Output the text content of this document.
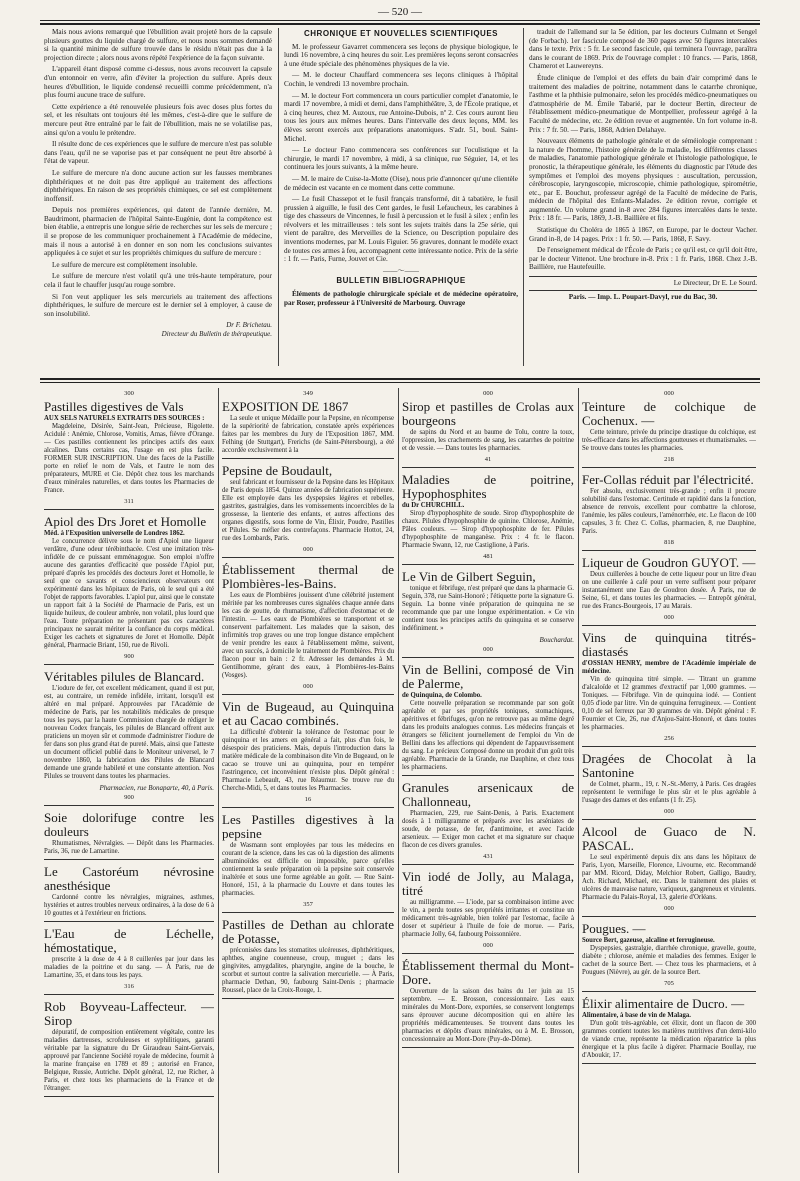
— 520 —

Mais nous avions remarqué que l'ébullition avait projeté hors de la capsule plusieurs gouttes du liquide chargé de sulfure, et nous nous sommes demandé si la quantité minime de sulfure trouvée dans le résidu n'était pas due à la projection directe ; alors nous avons répété l'expérience de la façon suivante.

L'appareil étant disposé comme ci-dessus, nous avons recouvert la capsule d'un entonnoir en verre, afin d'éviter la projection du sulfure. Après deux heures d'ébullition, le liquide condensé recueilli comme précédemment, n'a plus fourni aucune trace de sulfure.

Cette expérience a été renouvelée plusieurs fois avec doses plus fortes du sel, et les résultats ont toujours été les mêmes, c'est-à-dire que le sulfure de mercure peut être entraîné par le fait de l'ébullition, mais ne se volatilise pas, ainsi qu'on a voulu le prétendre.

Il résulte donc de ces expériences que le sulfure de mercure n'est pas soluble dans l'eau, qu'il ne se vaporise pas et par conséquent ne peut être absorbé à l'état de vapeur.

Le sulfure de mercure n'a donc aucune action sur les fausses membranes diphthériques et ne doit pas être appliqué au traitement des affections diphthériques. En raison de ses propriétés chimiques, ce sel est complètement inoffensif.

Depuis nos premières expériences, qui datent de l'année dernière, M. Baudrimont, pharmacien de l'hôpital Sainte-Eugénie, dont la compétence est bien établie, a entrepris une longue série de recherches sur les sels de mercure ; il se propose de les communiquer prochainement à l'Académie de médecine, mais il nous a autorisé à en donner en son nom les conclusions suivantes appliquées à ce sujet et sur les propriétés chimiques du sulfure de mercure :

Le sulfure de mercure est complètement insoluble.

Le sulfure de mercure n'est volatil qu'à une très-haute température, pour cela il faut le chauffer jusqu'au rouge sombre.

Si l'on veut appliquer les sels mercuriels au traitement des affections diphthériques, le sulfure de mercure est le dernier sel à employer, à cause de son insolubilité.

Dr F. Brichetau.
Directeur du Bulletin de thérapeutique.
CHRONIQUE ET NOUVELLES SCIENTIFIQUES

M. le professeur Gavarret commencera ses leçons de physique biologique, le lundi 16 novembre, à cinq heures du soir. Les premières leçons seront consacrées à une étude spéciale des phénomènes physiques de la vie.

— M. le docteur Chauffard commencera ses leçons cliniques à l'hôpital Cochin, le vendredi 13 novembre prochain.

— M. le docteur Fort commencera un cours particulier complet d'anatomie, le mardi 17 novembre, à midi et demi, dans l'amphithéâtre, 3, de l'École pratique, et à cinq heures, chez M. Auzoux, rue Antoine-Dubois, nº 2. Ces cours auront lieu tous les jours aux mêmes heures. Dans l'intervalle des deux leçons, MM. les élèves seront exercés aux préparations anatomiques. S'adr. 51, boul. Saint-Michel.

— Le docteur Fano commencera ses conférences sur l'oculistique et la chirurgie, le mardi 17 novembre, à midi, à sa clinique, rue Séguier, 14, et les continuera les jours suivants, à la même heure.

— M. le maire de Cuise-la-Motte (Oise), nous prie d'annoncer qu'une clientèle de médecin est vacante en ce moment dans cette commune.

— Le fusil Chassepot et le fusil français transformé, dit à tabatière, le fusil prussien à aiguille, le fusil des Cent gardes, le fusil Lefaucheux, les carabines à tige des chasseurs de Vincennes, le fusil à percussion et le fusil à silex ; enfin les révolvers et les mitrailleuses : tels sont les sujets traités dans la 25e série, qui vient de paraître, des Merveilles de la Science, ou Description populaire des inventions modernes, par M. Louis Figuier. 56 gravures, donnant le modèle exact de toutes ces armes à feu, accompagnent cette intéressante notice. Prix de la série : 1 fr. — Paris, Furne, Jouvet et Cie.

——〜——
BULLETIN BIBLIOGRAPHIQUE

Éléments de pathologie chirurgicale spéciale et de médecine opératoire, par Roser, professeur à l'Université de Marbourg. Ouvrage

traduit de l'allemand sur la 5e édition, par les docteurs Culmann et Sengel (de Forbach). 1er fascicule composé de 360 pages avec 50 figures intercalées dans le texte. Prix : 5 fr. Le second fascicule, qui terminera l'ouvrage, paraîtra dans le courant de 1869. Prix de l'ouvrage complet : 10 francs. — Paris, 1868, Chamerot et Lauwereyns.

Étude clinique de l'emploi et des effets du bain d'air comprimé dans le traitement des maladies de poitrine, notamment dans le catarrhe chronique, l'asthme et la phthisie pulmonaire, selon les procédés médico-pneumatiques ou d'atmosphérie de M. Émile Tabarié, par le docteur Bertin, directeur de l'établissement médico-pneumatique de Montpellier, professeur agrégé à la Faculté de médecine, etc. 2e édition revue et augmentée. Un fort volume in-8. Prix : 7 fr. 50. — Paris, 1868, Adrien Delahaye.

Nouveaux éléments de pathologie générale et de séméiologie comprenant : la nature de l'homme, l'histoire générale de la maladie, les différentes classes de maladies, l'anatomie pathologique générale et l'histologie pathologique, le pronostic, la thérapeutique générale, les éléments du diagnostic par l'étude des symptômes et l'emploi des moyens physiques : auscultation, percussion, cérébroscopie, laryngoscopie, microscopie, chimie pathologique, spirométrie, etc., par E. Bouchut, professeur agrégé de la Faculté de médecine de Paris, médecin de l'hôpital des Enfants-Malades. 2e édition revue, corrigée et augmentée. Un volume grand in-8 avec 284 figures intercalées dans le texte. Prix : 18 fr. — Paris, 1869, J.-B. Baillière et fils.

Statistique du Choléra de 1865 à 1867, en Europe, par le docteur Vacher. Grand in-8, de 14 pages. Prix : 1 fr. 50. — Paris, 1868, F. Savy.

De l'enseignement médical de l'École de Paris ; ce qu'il est, ce qu'il doit être, par le docteur Vittenot. Une brochure in-8. Prix : 1 fr. Paris, 1868. Chez J.-B. Baillière, rue Hautefeuille.

Le Directeur, Dr E. Le Sourd.
Paris. — Imp. L. Poupart-Davyl, rue du Bac, 30.
300
Pastilles digestives de Vals
AUX SELS NATURELS EXTRAITS DES SOURCES :

Magdeleine, Désirée, Saint-Jean, Précieuse, Rigolette. Acidulé : Anémie, Chlorose, Vomitis, Amas, fièvre d'Orange. — Ces pastilles contiennent les principes actifs des eaux alcalines. Dans certains cas, l'usage en est plus facile. FORMER SUR INSCRIPTION. Une des faces de la Pastille porte en relief le nom de Vals, et l'autre le nom des préparateurs, MURE et Cie. Dépôt chez tous les marchands d'eaux minérales naturelles, et dans toutes les Pharmacies de France.

311
Apiol des Drs Joret et Homolle
Méd. à l'Exposition universelle de Londres 1862.

Le concurrence délivre sous le nom d'Apiol une liqueur verdâtre, d'une odeur térébinthacée. C'est une imitation très-infidèle de ce puissant emménagogue. Son emploi n'offre aucune des garanties d'efficacité que possède l'Apiol pur, préparé d'après les procédés des docteurs Joret et Homolle, le seul que ce savants et consciencieux observateurs ont expérimenté dans les hôpitaux de Paris, où le seul qui a été l'objet de rapports favorables. L'apiol pur, ainsi que le constate un rapport fait à la Société de Pharmacie de Paris, est un liquide huileux, de couleur ambrée, non volatil, plus lourd que l'eau. Toute préparation ne présentant pas ces caractères principaux ne saurait mériter la confiance du corps médical. Exiger les cachets et signatures de Joret et Homolle. Dépôt général, Pharmacie Briant, 150, rue de Rivoli.

900
Véritables pilules de Blancard.

L'iodure de fer, cet excellent médicament, quand il est pur, est, au contraire, un remède infidèle, irritant, lorsqu'il est altéré en mal préparé. Approuvées par l'Académie de médecine de Paris, par les notabilités médicales de presque tous les pays, par la haute Commission chargée de rédiger le nouveau Codex français, les pilules de Blancard offrent aux praticiens un moyen sûr et commode d'administrer l'iodure de fer dans son plus grand état de pureté. Mais, ainsi que l'atteste un document officiel publié dans le Moniteur universel, le 7 novembre 1860, la fabrication des Pilules de Blancard demande une grande habileté et une constante attention. Nos Pilules se trouvent dans toutes les pharmacies.

Pharmacien, rue Bonaparte, 40, à Paris.
900
Soie dolorifuge contre les douleurs

Rhumatismes, Névralgies. — Dépôt dans les Pharmacies. Paris, 36, rue de Lamartine.

Le Castoréum névrosine anesthésique

Cardonné contre les névralgies, migraines, asthmes, hystéries et autres troubles nerveux ordinaires, à la dose de 6 à 10 gouttes et à l'extérieur en frictions.

L'Eau de Léchelle, hémostatique,

prescrite à la dose de 4 à 8 cuillerées par jour dans les maladies de la poitrine et du sang. — À Paris, rue de Lamartine, 35, et dans tous les pays.

316
Rob Boyveau-Laffecteur. — Sirop

dépuratif, de composition entièrement végétale, contre les maladies dartreuses, scrofuleuses et syphilitiques, garanti véritable par la signature du Dr Giraudeau Saint-Gervais, approuvé par l'ancienne Société royale de médecine, fournit à la marine française en 1789 et 89 ; autorisé en France, Belgique, Russie, Autriche. Dépôt général, 12, rue Richer, à Paris, et chez tous les pharmaciens de la France et de l'étranger.

349
EXPOSITION DE 1867

La seule et unique Médaille pour la Pepsine, en récompense de la supériorité de fabrication, constatée après expériences faites par les membres du Jury de l'Exposition 1867, MM. Felhing (de Stuttgart), Frerichs (de Saint-Pétersbourg), a été accordée exclusivement à la

Pepsine de Boudault,

seul fabricant et fournisseur de la Pepsine dans les Hôpitaux de Paris depuis 1854. Quinze années de fabrication supérieure. Elle est employée dans les dyspepsies légères et rebelles, gastrites, gastralgies, dans les vomissements incoercibles de la grossesse, la lienterie des enfants, et autres affections des organes digestifs, sous forme de Vin, Élixir, Poudre, Pastilles et Pilules. Se méfier des contrefaçons. Pharmacie Hottot, 24, rue des Lombards, Paris.

000
Établissement thermal de Plombières-les-Bains.

Les eaux de Plombières jouissent d'une célébrité justement méritée par les nombreuses cures signalées chaque année dans les cas de goutte, de rhumatisme, d'affection d'estomac et de l'intestin. — Les eaux de Plombières se transportent et se conservent parfaitement. Les malades que la saison, des infirmités trop graves ou une trop longue distance empêchent de venir prendre les eaux à l'établissement même, suivent, avec un succès, à domicile le traitement de Plombières. Prix du flacon pour un bain : 2 fr. Adresser les demandes à M. Gentilhomme, gérant des eaux, à Plombières-les-Bains (Vosges).

000
Vin de Bugeaud, au Quinquina et au Cacao combinés.

La difficulté d'obtenir la tolérance de l'estomac pour le quinquina et les amers en général a fait, plus d'un fois, le désespoir des praticiens. Mais, depuis l'introduction dans la matière médicale de la combinaison dite Vin de Bugeaud, on le cacao se trouve uni au quinquina, pour en tempérer l'astringence, cet inconvénient n'existe plus. Dépôt général : Pharmacie Lebeault, 43, rue Réaumur. Se trouve rue du Cherche-Midi, 5, et dans toutes les Pharmacies.

16
Les Pastilles digestives à la pepsine

de Wasmann sont employées par tous les médecins en courant de la science, dans les cas où la digestion des aliments albuminoïdes est difficile ou impossible, parce qu'elles contiennent la seule préparation où la pepsine soit conservée inaltérée et sous une forme agréable au goût. — Rue Saint-Honoré, 151, à la pharmacie du Louvre et dans toutes les pharmacies.

357
Pastilles de Dethan au chlorate de Potasse,

préconisées dans les stomatites ulcéreuses, diphthéritiques, aphthes, angine couenneuse, croup, muguet ; dans les gingivites, amygdalites, pharyngite, angine de la bouche, le scorbut et surtout contre la salivation mercurielle. — À Paris, pharmacie Dethan, 90, faubourg Saint-Denis ; pharmacie Roussel, place de la Croix-Rouge, 1.

000
Sirop et pastilles de Crolas aux bourgeons

de sapins du Nord et au baume de Tolu, contre la toux, l'oppression, les crachements de sang, les catarrhes de poitrine et de vessie. — Dans toutes les pharmacies.

41
Maladies de poitrine, Hypophosphites
du Dr CHURCHILL.

Sirop d'hypophosphite de soude. Sirop d'hypophosphite de chaux. Pilules d'hypophosphite de quinine. Chlorose, Anémie, Pâles couleurs. — Sirop d'hypophosphite de fer. Pilules d'hypophosphite de manganèse. Prix : 4 fr. le flacon. Pharmacie Swann, 12, rue Castiglione, à Paris.

481
Le Vin de Gilbert Seguin,

tonique et fébrifuge, n'est préparé que dans la pharmacie G. Seguin, 378, rue Saint-Honoré ; l'étiquette porte la signature G. Seguin. La bonne vinée préparation de quinquina ne se recommande que par une longue expérimentation. « Ce vin contient tous les principes actifs du quinquina et se conserve indéfiniment. »

Bouchardat.
000
Vin de Bellini, composé de Vin de Palerme,
de Quinquina, de Colombo.

Cette nouvelle préparation se recommande par son goût agréable et par ses propriétés toniques, stomachiques, apéritives et fébrifuges, qu'on ne retrouve pas au même degré dans les produits analogues connus. Les médecins français et étrangers se félicitent journellement de l'emploi du Vin de Bellini dans les affections qui dépendent de l'appauvrissement du sang. Le précieux Composé donne un produit d'un goût très agréable. Pharmacie de la Grande, rue Dauphine, et chez tous les pharmaciens.

Granules arsenicaux de Challonneau,

Pharmacien, 229, rue Saint-Denis, à Paris. Exactement dosés à 1 milligramme et préparés avec les arséniates de soude, de potasse, de fer, d'antimoine, et avec l'acide arsenieux. — Exiger mon cachet et ma signature sur chaque flacon de ces divers granules.

431
Vin iodé de Jolly, au Malaga, titré

au milligramme. — L'iode, par sa combinaison intime avec le vin, a perdu toutes ses propriétés irritantes et constitue un médicament très-agréable, bien toléré par l'estomac, facile à doser et supérieur à l'huile de foie de morue. — Paris, pharmacie Jolly, 64, faubourg Poissonnière.

000
Établissement thermal du Mont-Dore.

Ouverture de la saison des bains du 1er juin au 15 septembre. — E. Brosson, concessionnaire. Les eaux minérales du Mont-Dore, exportées, se conservent longtemps sans éprouver aucune décomposition qui en altère les propriétés médicamenteuses. Se trouvent dans toutes les pharmacies et dépôts d'eaux minérales, ou à M. E. Brosson, concessionnaire au Mont-Dore (Puy-de-Dôme).

000
Teinture de colchique de Cochenux. —

Cette teinture, privée du principe drastique du colchique, est très-efficace dans les affections goutteuses et rhumatismales. — Se trouve dans toutes les pharmacies.

218
Fer-Collas réduit par l'électricité.

Fer absolu, exclusivement très-grande ; enfin il procure solubilité dans l'estomac. Certitude et rapidité dans la fonction, absence de renvois, excellent pour combattre la chlorose, l'anémie, les pâles couleurs, l'aménorrhée, etc. Le flacon de 100 capsules, 3 fr. Chez C. Collas, pharmacien, 8, rue Dauphine, Paris.

818
Liqueur de Goudron GUYOT. —

Deux cuillerées à bouche de cette liqueur pour un litre d'eau on une cuillerée à café pour un verre suffisent pour préparer instantanément une Eau de Goudron dosée. À Paris, rue de Seine, 61, et dans toutes les pharmacies. — Entrepôt général, rue des Francs-Bourgeois, 17 au Marais.

000
Vins de quinquina titrés-diastasés
d'OSSIAN HENRY, membre de l'Académie impériale de médecine.

Vin de quinquina titré simple. — Titrant un gramme d'alcaloïde et 12 grammes d'extractif par 1,000 grammes. — Toniques. — Fébrifuge. Vin de quinquina iodé. — Contient 0,05 d'iode par litre. Vin de quinquina ferrugineux. — Contient 0,10 de sel ferreux par 30 grammes de vin. Dépôt général : F. Fournier et Cie, 26, rue d'Anjou-Saint-Honoré, et dans toutes les pharmacies.

256
Dragées de Chocolat à la Santonine

de Colmet, pharm., 19, r. N.-St.-Merry, à Paris. Ces dragées représentent le vermifuge le plus sûr et le plus agréable à l'usage des dames et des enfants (1 fr. 25).

000
Alcool de Guaco de N. PASCAL.

Le seul expérimenté depuis dix ans dans les hôpitaux de Paris, Lyon, Marseille, Florence, Livourne, etc. Recommandé par MM. Ricord, Diday, Melchior Robert, Galligo, Baudry, Ach. Richard, Michael, etc. Dans le traitement des plaies et ulcères de mauvaise nature, variqueux, gangreneux et virulents. Pharmacie du Palais-Royal, 13, galerie d'Orléans.

000
Pougues. —
Source Bert, gazeuse, alcaline et ferrugineuse.

Dyspepsies, gastralgie, diarrhée chronique, gravelle, goutte, diabète ; chlorose, anémie et maladies des femmes. Exiger le cachet de la source Bert. — Chez tous les pharmaciens, et à Pougues (Nièvre), au gér. de la source Bert.

705
Élixir alimentaire de Ducro. —
Alimentaire, à base de vin de Malaga.

D'un goût très-agréable, cet élixir, dont un flacon de 300 grammes contient toutes les matières nutritives d'un demi-kilo de viande crue, représente la médication réparatrice la plus énergique et la plus facile à digérer. Pharmacie Boullay, rue d'Aboukir, 17.
